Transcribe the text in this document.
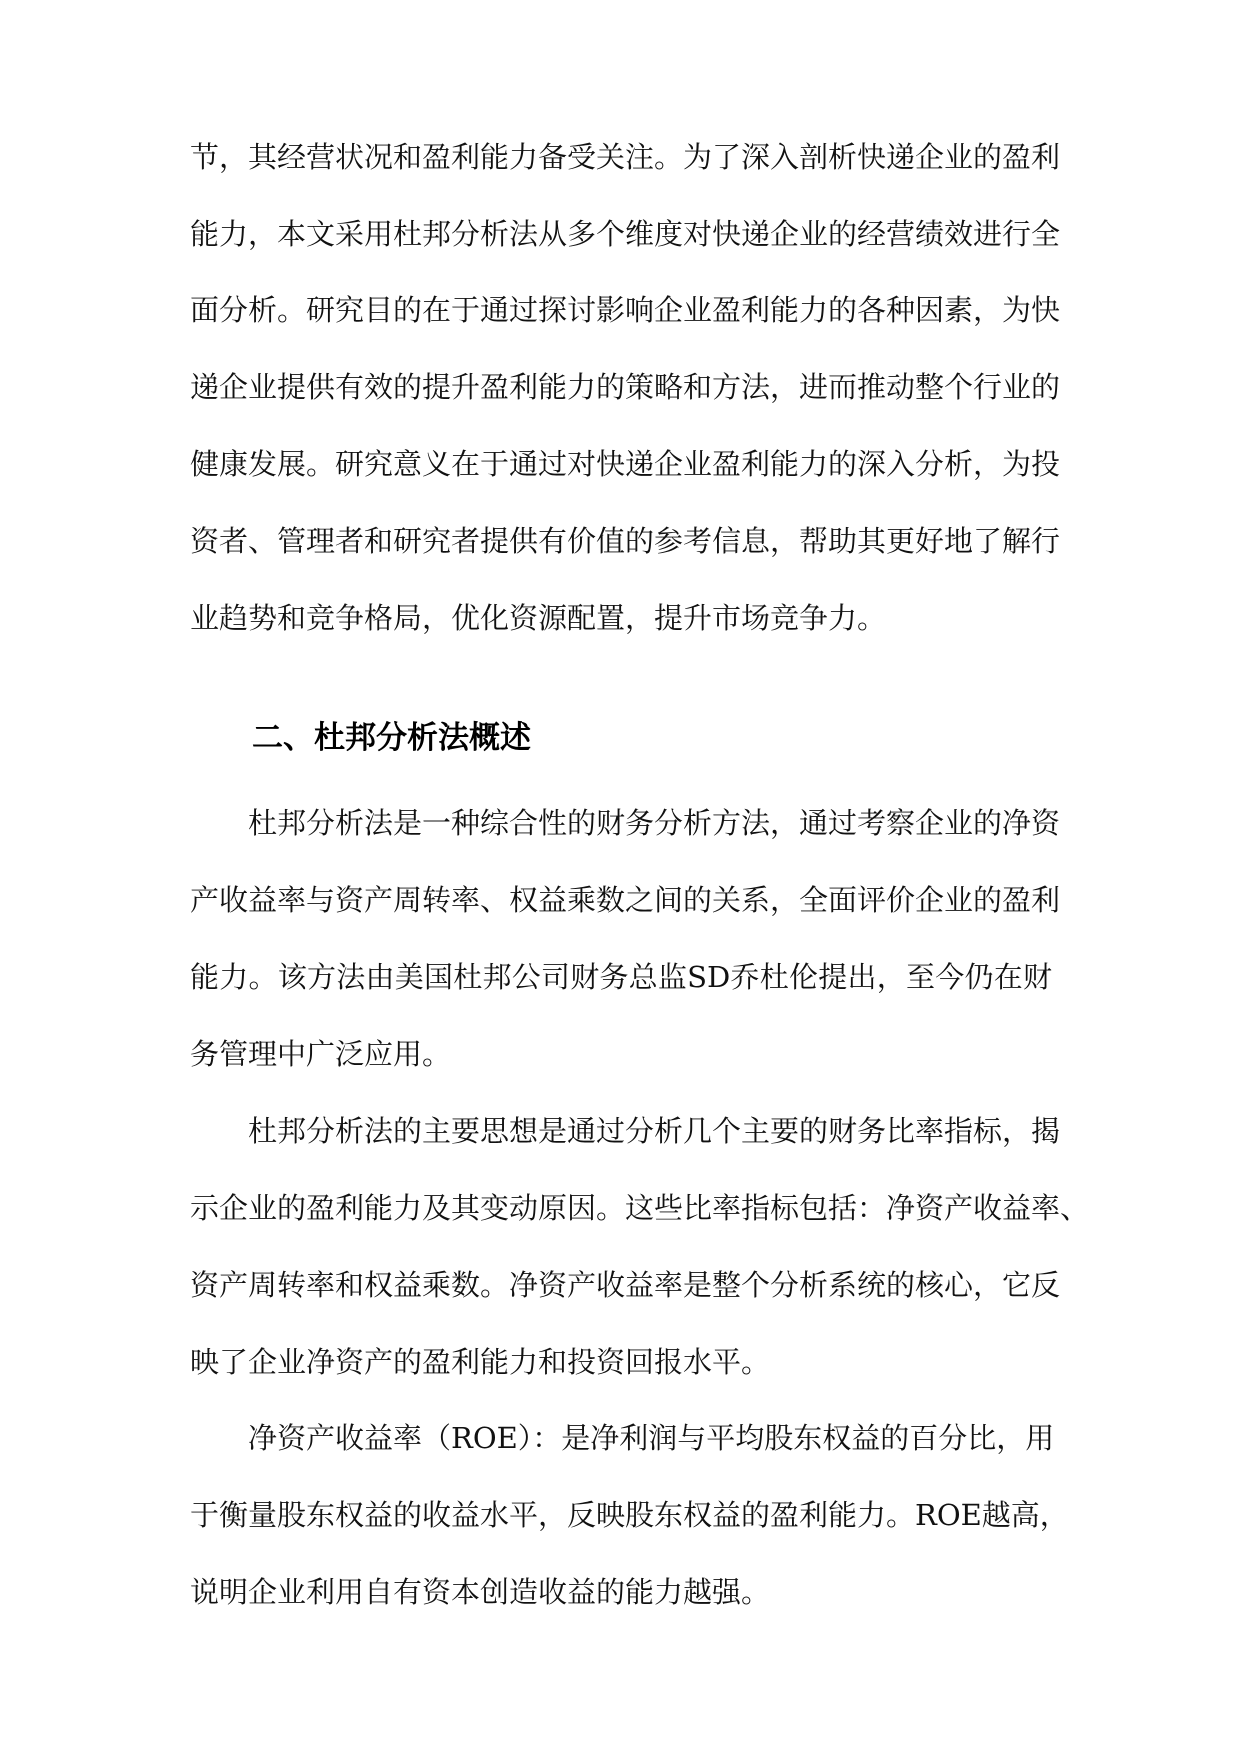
节，其经营状况和盈利能力备受关注。为了深入剖析快递企业的盈利
能力，本文采用杜邦分析法从多个维度对快递企业的经营绩效进行全
面分析。研究目的在于通过探讨影响企业盈利能力的各种因素，为快
递企业提供有效的提升盈利能力的策略和方法，进而推动整个行业的
健康发展。研究意义在于通过对快递企业盈利能力的深入分析，为投
资者、管理者和研究者提供有价值的参考信息，帮助其更好地了解行
业趋势和竞争格局，优化资源配置，提升市场竞争力。
二、杜邦分析法概述
杜邦分析法是一种综合性的财务分析方法，通过考察企业的净资
产收益率与资产周转率、权益乘数之间的关系，全面评价企业的盈利
能力。该方法由美国杜邦公司财务总监SD乔杜伦提出，至今仍在财
务管理中广泛应用。
杜邦分析法的主要思想是通过分析几个主要的财务比率指标，揭
示企业的盈利能力及其变动原因。这些比率指标包括：净资产收益率、
资产周转率和权益乘数。净资产收益率是整个分析系统的核心，它反
映了企业净资产的盈利能力和投资回报水平。
净资产收益率（ROE）：是净利润与平均股东权益的百分比，用
于衡量股东权益的收益水平，反映股东权益的盈利能力。ROE越高，
说明企业利用自有资本创造收益的能力越强。
